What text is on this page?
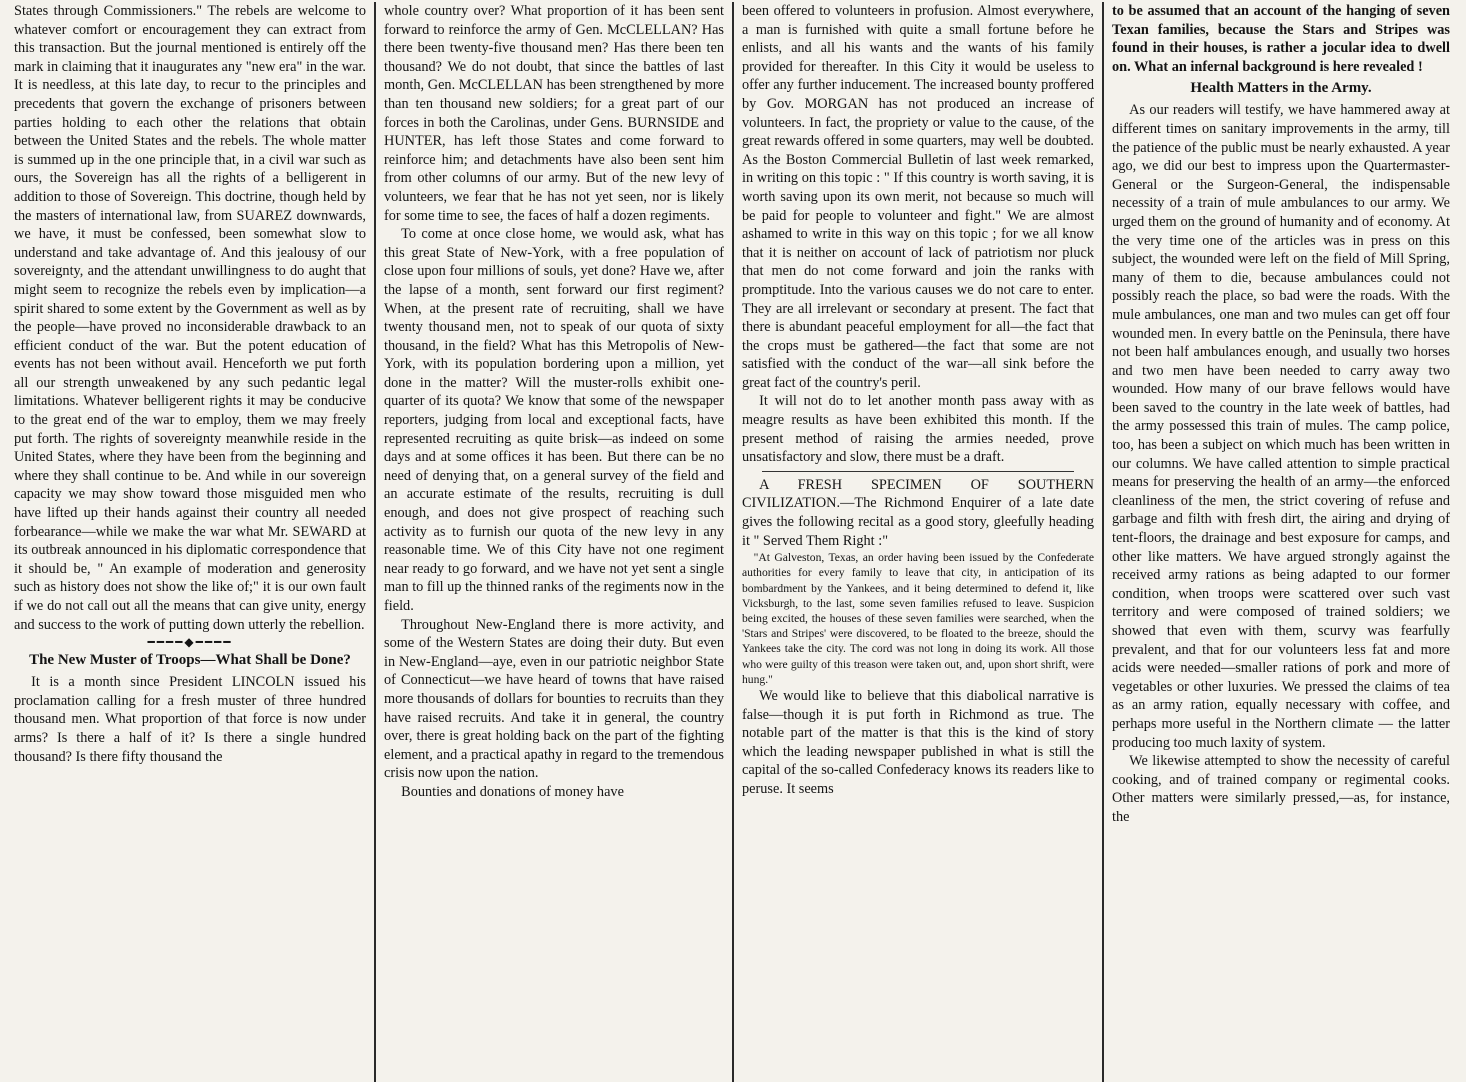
States through Commissioners." The rebels are welcome to whatever comfort or encouragement they can extract from this transaction. But the journal mentioned is entirely off the mark in claiming that it inaugurates any "new era" in the war. It is needless, at this late day, to recur to the principles and precedents that govern the exchange of prisoners between parties holding to each other the relations that obtain between the United States and the rebels. The whole matter is summed up in the one principle that, in a civil war such as ours, the Sovereign has all the rights of a belligerent in addition to those of Sovereign. This doctrine, though held by the masters of international law, from SUAREZ downwards, we have, it must be confessed, been somewhat slow to understand and take advantage of. And this jealousy of our sovereignty, and the attendant unwillingness to do aught that might seem to recognize the rebels even by implication—a spirit shared to some extent by the Government as well as by the people—have proved no inconsiderable drawback to an efficient conduct of the war. But the potent education of events has not been without avail. Henceforth we put forth all our strength unweakened by any such pedantic legal limitations. Whatever belligerent rights it may be conducive to the great end of the war to employ, them we may freely put forth. The rights of sovereignty meanwhile reside in the United States, where they have been from the beginning and where they shall continue to be. And while in our sovereign capacity we may show toward those misguided men who have lifted up their hands against their country all needed forbearance—while we make the war what Mr. SEWARD at its outbreak announced in his diplomatic correspondence that it should be, " An example of moderation and generosity such as history does not show the like of;" it is our own fault if we do not call out all the means that can give unity, energy and success to the work of putting down utterly the rebellion.

━━━━◆━━━━
The New Muster of Troops—What Shall be Done?

It is a month since President LINCOLN issued his proclamation calling for a fresh muster of three hundred thousand men. What proportion of that force is now under arms? Is there a half of it? Is there a single hundred thousand? Is there fifty thousand the

whole country over? What proportion of it has been sent forward to reinforce the army of Gen. McCLELLAN? Has there been twenty-five thousand men? Has there been ten thousand? We do not doubt, that since the battles of last month, Gen. McCLELLAN has been strengthened by more than ten thousand new soldiers; for a great part of our forces in both the Carolinas, under Gens. BURNSIDE and HUNTER, has left those States and come forward to reinforce him; and detachments have also been sent him from other columns of our army. But of the new levy of volunteers, we fear that he has not yet seen, nor is likely for some time to see, the faces of half a dozen regiments.

To come at once close home, we would ask, what has this great State of New-York, with a free population of close upon four millions of souls, yet done? Have we, after the lapse of a month, sent forward our first regiment? When, at the present rate of recruiting, shall we have twenty thousand men, not to speak of our quota of sixty thousand, in the field? What has this Metropolis of New-York, with its population bordering upon a million, yet done in the matter? Will the muster-rolls exhibit one-quarter of its quota? We know that some of the newspaper reporters, judging from local and exceptional facts, have represented recruiting as quite brisk—as indeed on some days and at some offices it has been. But there can be no need of denying that, on a general survey of the field and an accurate estimate of the results, recruiting is dull enough, and does not give prospect of reaching such activity as to furnish our quota of the new levy in any reasonable time. We of this City have not one regiment near ready to go forward, and we have not yet sent a single man to fill up the thinned ranks of the regiments now in the field.

Throughout New-England there is more activity, and some of the Western States are doing their duty. But even in New-England—aye, even in our patriotic neighbor State of Connecticut—we have heard of towns that have raised more thousands of dollars for bounties to recruits than they have raised recruits. And take it in general, the country over, there is great holding back on the part of the fighting element, and a practical apathy in regard to the tremendous crisis now upon the nation.

Bounties and donations of money have

been offered to volunteers in profusion. Almost everywhere, a man is furnished with quite a small fortune before he enlists, and all his wants and the wants of his family provided for thereafter. In this City it would be useless to offer any further inducement. The increased bounty proffered by Gov. MORGAN has not produced an increase of volunteers. In fact, the propriety or value to the cause, of the great rewards offered in some quarters, may well be doubted. As the Boston Commercial Bulletin of last week remarked, in writing on this topic : " If this country is worth saving, it is worth saving upon its own merit, not because so much will be paid for people to volunteer and fight." We are almost ashamed to write in this way on this topic ; for we all know that it is neither on account of lack of patriotism nor pluck that men do not come forward and join the ranks with promptitude. Into the various causes we do not care to enter. They are all irrelevant or secondary at present. The fact that there is abundant peaceful employment for all—the fact that the crops must be gathered—the fact that some are not satisfied with the conduct of the war—all sink before the great fact of the country's peril.

It will not do to let another month pass away with as meagre results as have been exhibited this month. If the present method of raising the armies needed, prove unsatisfactory and slow, there must be a draft.

A FRESH SPECIMEN OF SOUTHERN CIVILIZATION.—The Richmond Enquirer of a late date gives the following recital as a good story, gleefully heading it " Served Them Right :"

"At Galveston, Texas, an order having been issued by the Confederate authorities for every family to leave that city, in anticipation of its bombardment by the Yankees, and it being determined to defend it, like Vicksburgh, to the last, some seven families refused to leave. Suspicion being excited, the houses of these seven families were searched, when the 'Stars and Stripes' were discovered, to be floated to the breeze, should the Yankees take the city. The cord was not long in doing its work. All those who were guilty of this treason were taken out, and, upon short shrift, were hung."

We would like to believe that this diabolical narrative is false—though it is put forth in Richmond as true. The notable part of the matter is that this is the kind of story which the leading newspaper published in what is still the capital of the so-called Confederacy knows its readers like to peruse. It seems

to be assumed that an account of the hanging of seven Texan families, because the Stars and Stripes was found in their houses, is rather a jocular idea to dwell on. What an infernal background is here revealed !

Health Matters in the Army.

As our readers will testify, we have hammered away at different times on sanitary improvements in the army, till the patience of the public must be nearly exhausted. A year ago, we did our best to impress upon the Quartermaster-General or the Surgeon-General, the indispensable necessity of a train of mule ambulances to our army. We urged them on the ground of humanity and of economy. At the very time one of the articles was in press on this subject, the wounded were left on the field of Mill Spring, many of them to die, because ambulances could not possibly reach the place, so bad were the roads. With the mule ambulances, one man and two mules can get off four wounded men. In every battle on the Peninsula, there have not been half ambulances enough, and usually two horses and two men have been needed to carry away two wounded. How many of our brave fellows would have been saved to the country in the late week of battles, had the army possessed this train of mules. The camp police, too, has been a subject on which much has been written in our columns. We have called attention to simple practical means for preserving the health of an army—the enforced cleanliness of the men, the strict covering of refuse and garbage and filth with fresh dirt, the airing and drying of tent-floors, the drainage and best exposure for camps, and other like matters. We have argued strongly against the received army rations as being adapted to our former condition, when troops were scattered over such vast territory and were composed of trained soldiers; we showed that even with them, scurvy was fearfully prevalent, and that for our volunteers less fat and more acids were needed—smaller rations of pork and more of vegetables or other luxuries. We pressed the claims of tea as an army ration, equally necessary with coffee, and perhaps more useful in the Northern climate — the latter producing too much laxity of system.

We likewise attempted to show the necessity of careful cooking, and of trained company or regimental cooks. Other matters were similarly pressed,—as, for instance, the
